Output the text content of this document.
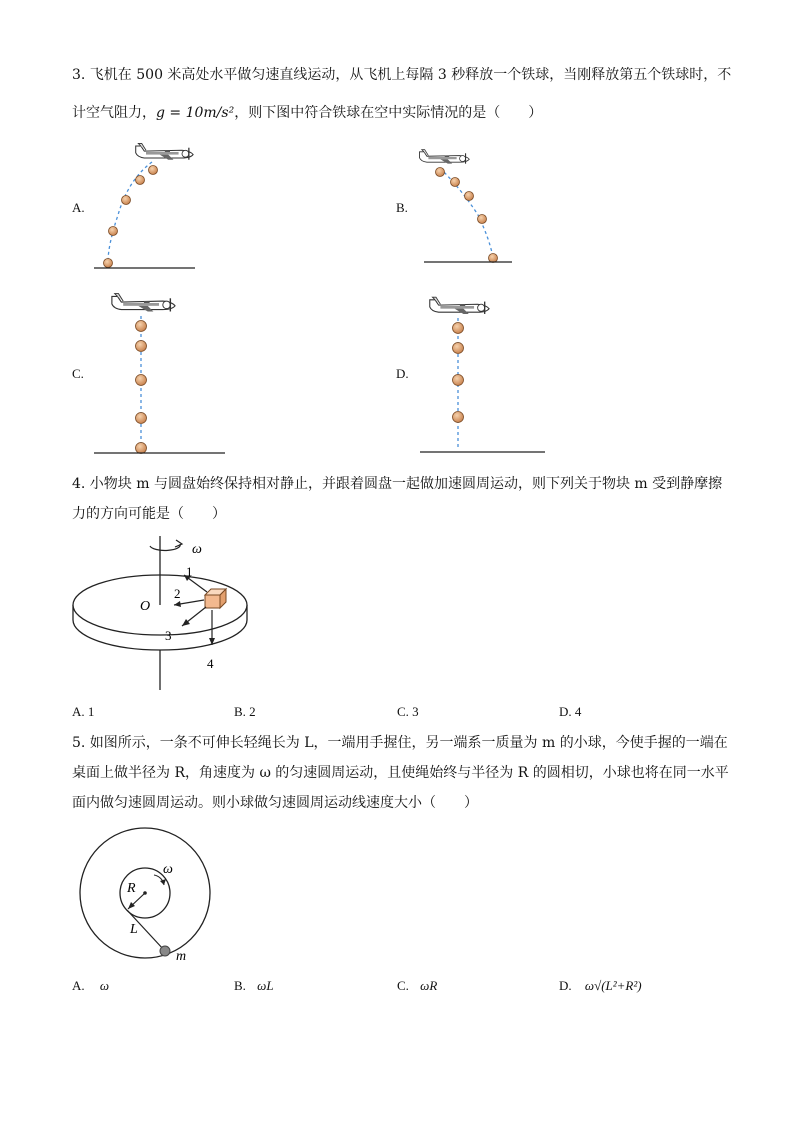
3. 飞机在 500 米高处水平做匀速直线运动，从飞机上每隔 3 秒释放一个铁球，当刚释放第五个铁球时，不
计空气阻力，g = 10m/s²，则下图中符合铁球在空中实际情况的是（　　）
ω
1
2
O
3
4
ω
R
L
m
A.	B.
C.	D.
4. 小物块 m 与圆盘始终保持相对静止，并跟着圆盘一起做加速圆周运动，则下列关于物块 m 受到静摩擦
力的方向可能是（　　）
A. 1	B. 2	C. 3	D. 4
5. 如图所示，一条不可伸长轻绳长为 L，一端用手握住，另一端系一质量为 m 的小球，今使手握的一端在
桌面上做半径为 R，角速度为 ω 的匀速圆周运动，且使绳始终与半径为 R 的圆相切，小球也将在同一水平
面内做匀速圆周运动。则小球做匀速圆周运动线速度大小（　　）
A. ω	B. ωL	C. ωR	D. ω√(L²+R²)
